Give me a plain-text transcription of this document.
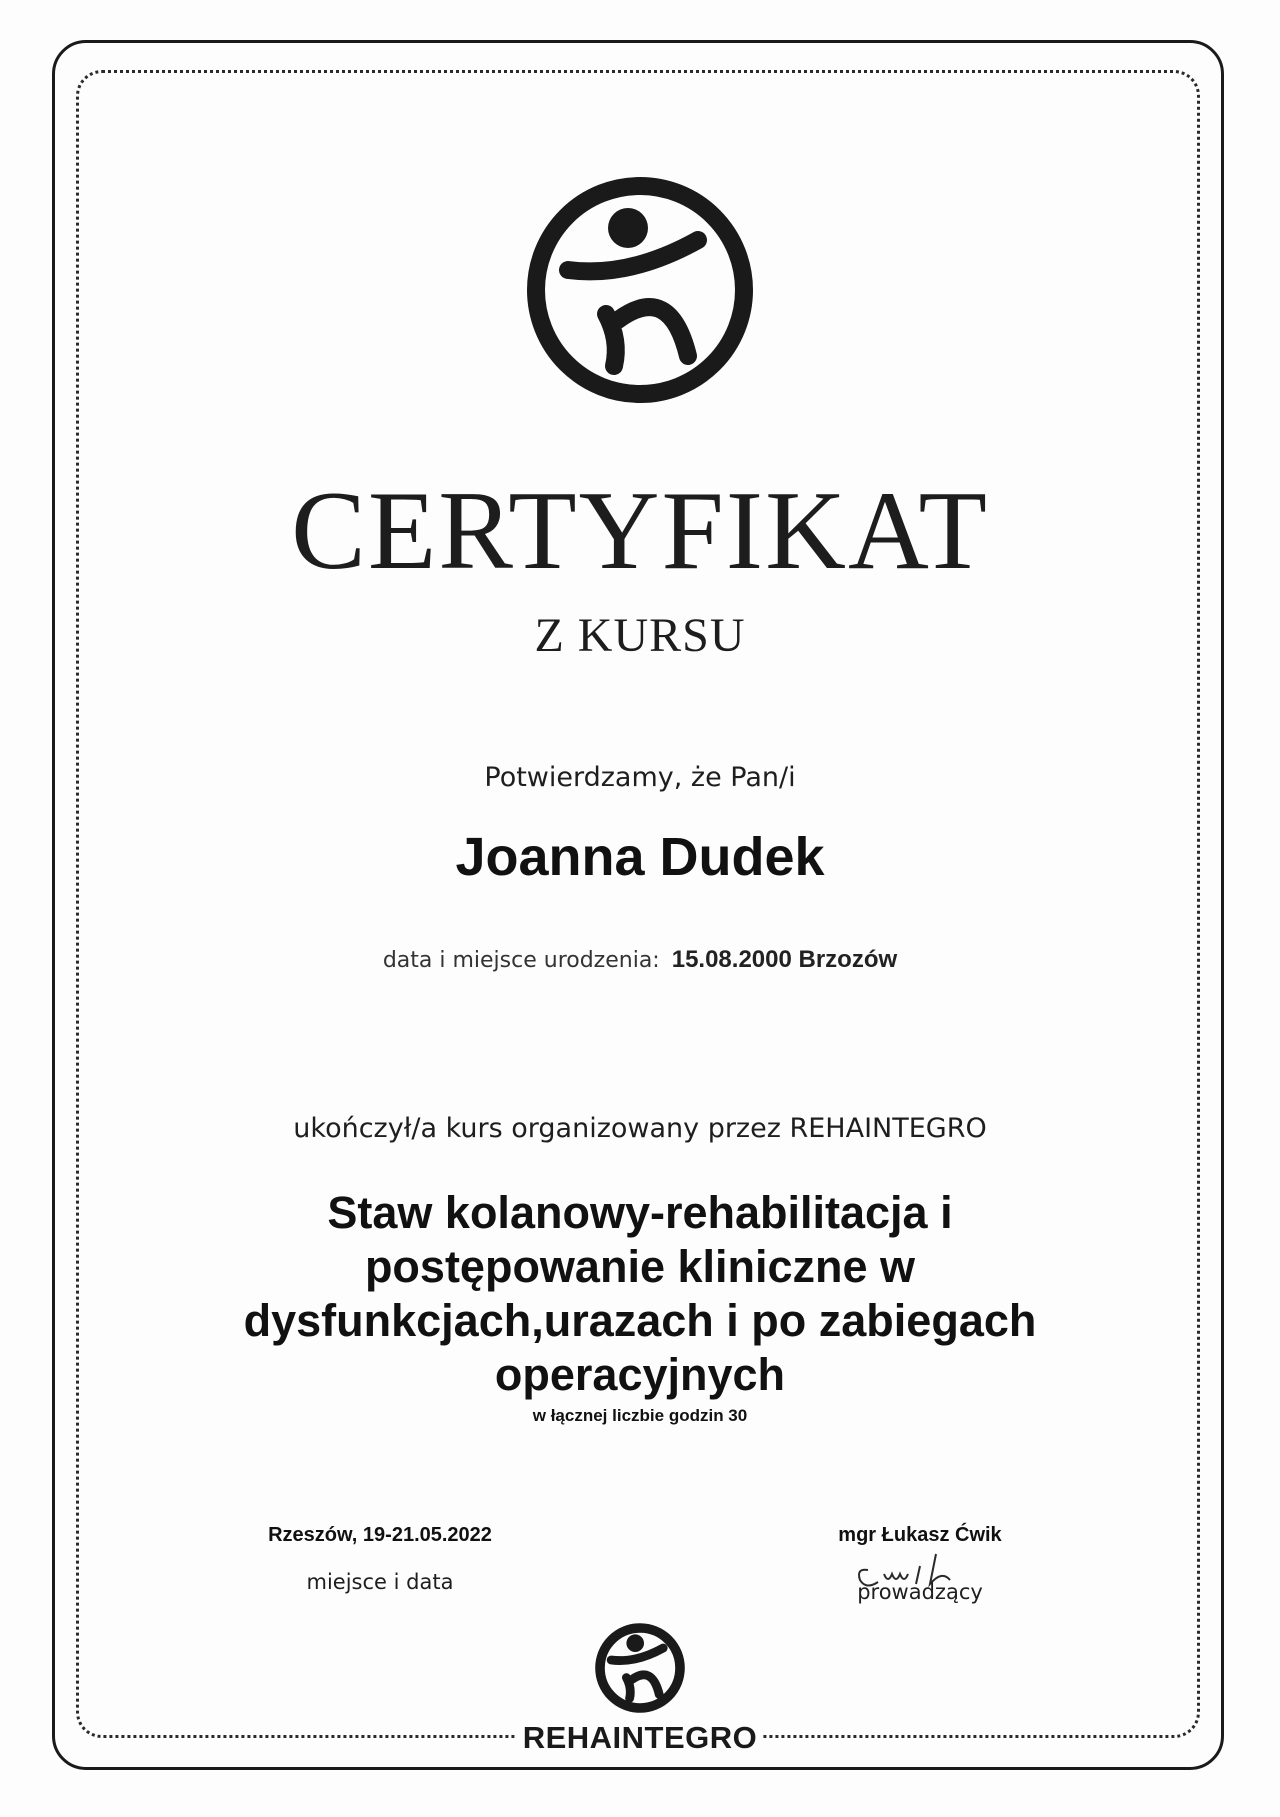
CERTYFIKAT
Z KURSU
Potwierdzamy, że Pan/i
Joanna Dudek
data i miejsce urodzenia: 15.08.2000 Brzozów
ukończył/a kurs organizowany przez REHAINTEGRO
Staw kolanowy-rehabilitacja i
postępowanie kliniczne w
dysfunkcjach,urazach i po zabiegach
operacyjnych
w łącznej liczbie godzin 30
Rzeszów, 19-21.05.2022
miejsce i data
mgr Łukasz Ćwik
prowadzący
REHAINTEGRO
